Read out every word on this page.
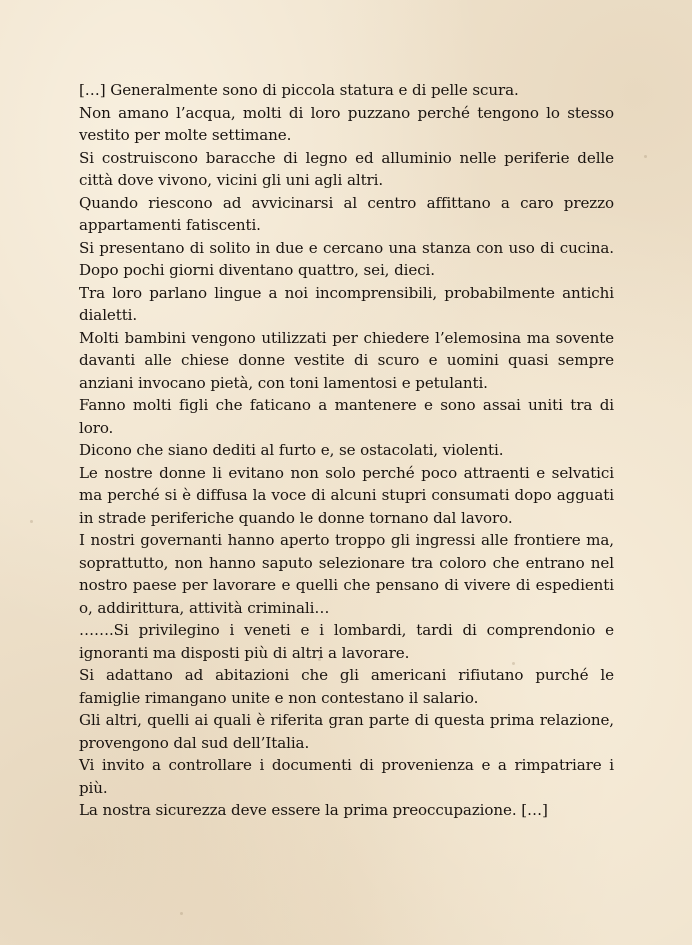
[…] Generalmente sono di piccola statura e di pelle scura.

Non amano l’acqua, molti di loro puzzano perché tengono lo stesso vestito per molte settimane.

Si costruiscono baracche di legno ed alluminio nelle periferie delle città dove vivono, vicini gli uni agli altri.

Quando riescono ad avvicinarsi al centro affittano a caro prezzo appartamenti fatiscenti.

Si presentano di solito in due e cercano una stanza con uso di cucina. Dopo pochi giorni diventano quattro, sei, dieci.

Tra loro parlano lingue a noi incomprensibili, probabilmente antichi dialetti.

Molti bambini vengono utilizzati per chiedere l’elemosina ma sovente davanti alle chiese donne vestite di scuro e uomini quasi sempre anziani invocano pietà, con toni lamentosi e petulanti.

Fanno molti figli che faticano a mantenere e sono assai uniti tra di loro.

Dicono che siano dediti al furto e, se ostacolati, violenti.

Le nostre donne li evitano non solo perché poco attraenti e selvatici ma perché si è diffusa la voce di alcuni stupri consumati dopo agguati in strade periferiche quando le donne tornano dal lavoro.

I nostri governanti hanno aperto troppo gli ingressi alle frontiere ma, soprattutto, non hanno saputo selezionare tra coloro che entrano nel nostro paese per lavorare e quelli che pensano di vivere di espedienti o, addirittura, attività criminali…

…….Si privilegino i veneti e i lombardi, tardi di comprendonio e ignoranti ma disposti più di altri a lavorare.

Si adattano ad abitazioni che gli americani rifiutano purché le famiglie rimangano unite e non contestano il salario.

Gli altri, quelli ai quali è riferita gran parte di questa prima relazione, provengono dal sud dell’Italia.

Vi invito a controllare i documenti di provenienza e a rimpatriare i più.

La nostra sicurezza deve essere la prima preoccupazione. […]
